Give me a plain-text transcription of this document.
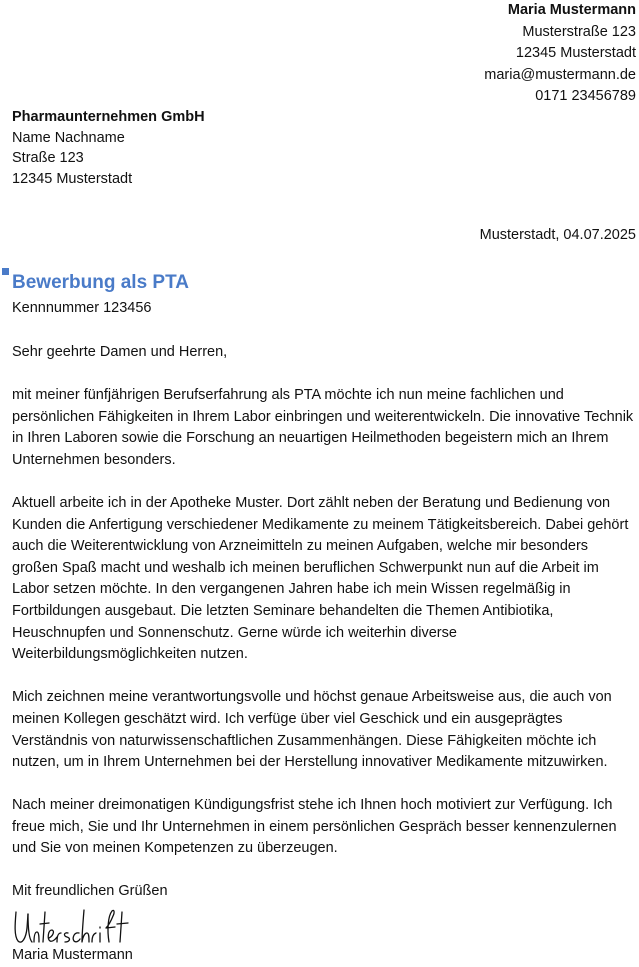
Maria Mustermann
Musterstraße 123
12345 Musterstadt
maria@mustermann.de
0171 23456789
Pharmaunternehmen GmbH
Name Nachname
Straße 123
12345 Musterstadt
Musterstadt, 04.07.2025
Bewerbung als PTA
Kennnummer 123456
Sehr geehrte Damen und Herren,

mit meiner fünfjährigen Berufserfahrung als PTA möchte ich nun meine fachlichen und persönlichen Fähigkeiten in Ihrem Labor einbringen und weiterentwickeln. Die innovative Technik in Ihren Laboren sowie die Forschung an neuartigen Heilmethoden begeistern mich an Ihrem Unternehmen besonders.

Aktuell arbeite ich in der Apotheke Muster. Dort zählt neben der Beratung und Bedienung von Kunden die Anfertigung verschiedener Medikamente zu meinem Tätigkeitsbereich. Dabei gehört auch die Weiterentwicklung von Arzneimitteln zu meinen Aufgaben, welche mir besonders großen Spaß macht und weshalb ich meinen beruflichen Schwerpunkt nun auf die Arbeit im Labor setzen möchte. In den vergangenen Jahren habe ich mein Wissen regelmäßig in Fortbildungen ausgebaut. Die letzten Seminare behandelten die Themen Antibiotika, Heuschnupfen und Sonnenschutz. Gerne würde ich weiterhin diverse Weiterbildungsmöglichkeiten nutzen.

Mich zeichnen meine verantwortungsvolle und höchst genaue Arbeitsweise aus, die auch von meinen Kollegen geschätzt wird. Ich verfüge über viel Geschick und ein ausgeprägtes Verständnis von naturwissenschaftlichen Zusammenhängen. Diese Fähigkeiten möchte ich nutzen, um in Ihrem Unternehmen bei der Herstellung innovativer Medikamente mitzuwirken.

Nach meiner dreimonatigen Kündigungsfrist stehe ich Ihnen hoch motiviert zur Verfügung. Ich freue mich, Sie und Ihr Unternehmen in einem persönlichen Gespräch besser kennenzulernen und Sie von meinen Kompetenzen zu überzeugen.

Mit freundlichen Grüßen
Maria Mustermann
